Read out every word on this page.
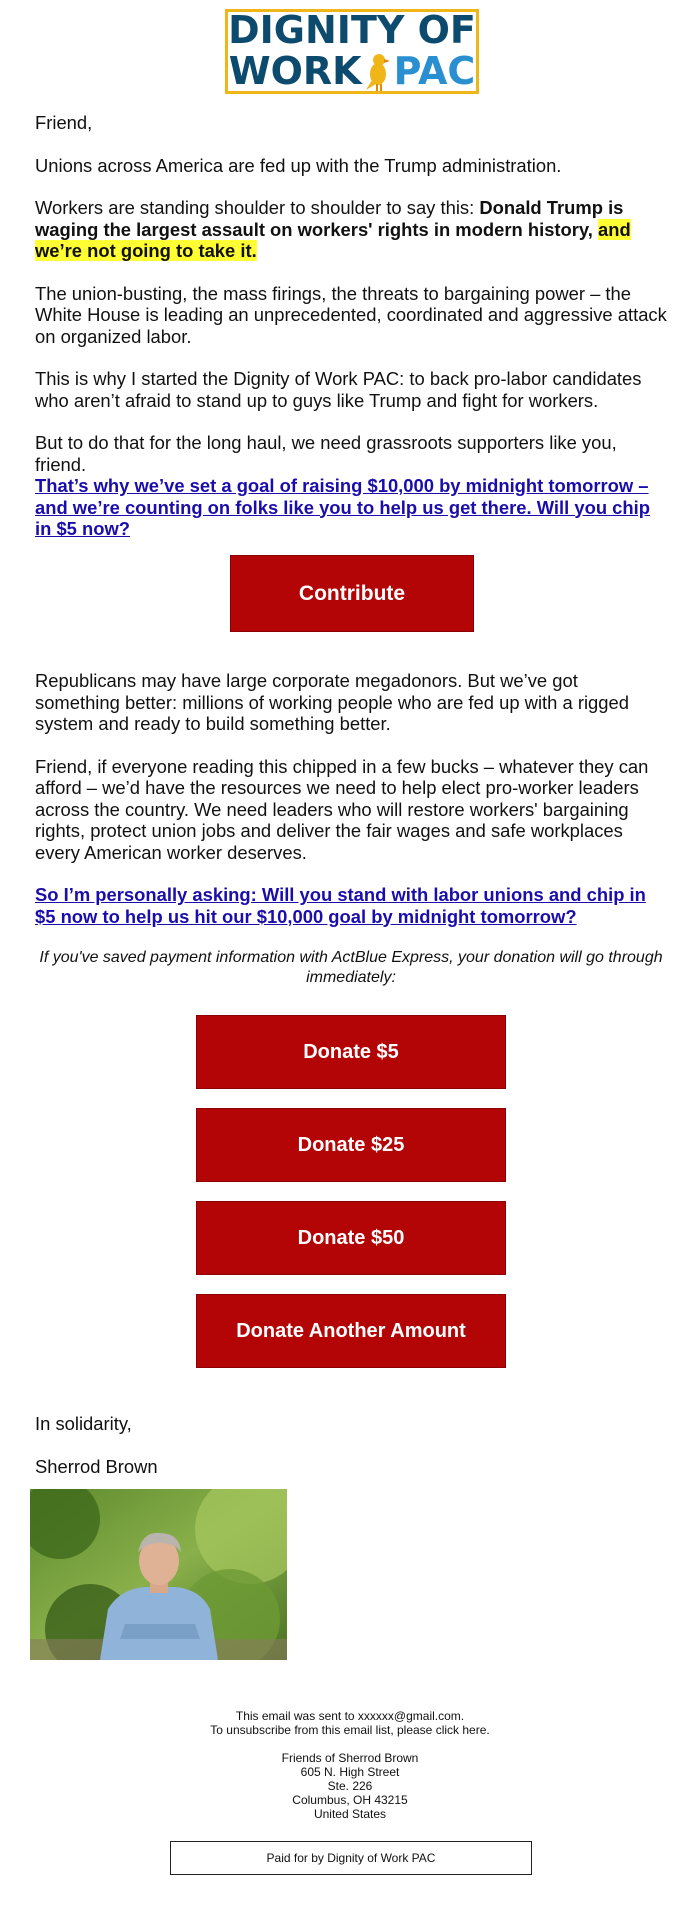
DIGNITY OF
WORK PAC

Friend,

Unions across America are fed up with the Trump administration.

Workers are standing shoulder to shoulder to say this: Donald Trump is waging the largest assault on workers' rights in modern history, and we’re not going to take it.

The union-busting, the mass firings, the threats to bargaining power – the White House is leading an unprecedented, coordinated and aggressive attack on organized labor.

This is why I started the Dignity of Work PAC: to back pro-labor candidates who aren’t afraid to stand up to guys like Trump and fight for workers.

But to do that for the long haul, we need grassroots supporters like you, friend.
That’s why we’ve set a goal of raising $10,000 by midnight tomorrow – and we’re counting on folks like you to help us get there. Will you chip in $5 now?

Contribute

Republicans may have large corporate megadonors. But we’ve got something better: millions of working people who are fed up with a rigged system and ready to build something better.

Friend, if everyone reading this chipped in a few bucks – whatever they can afford – we’d have the resources we need to help elect pro-worker leaders across the country. We need leaders who will restore workers' bargaining rights, protect union jobs and deliver the fair wages and safe workplaces every American worker deserves.

So I’m personally asking: Will you stand with labor unions and chip in $5 now to help us hit our $10,000 goal by midnight tomorrow?

If you've saved payment information with ActBlue Express, your donation will go through immediately:
Donate $5
Donate $25
Donate $50
Donate Another Amount
In solidarity,
Sherrod Brown
This email was sent to xxxxxx@gmail.com.
To unsubscribe from this email list, please click here.
Friends of Sherrod Brown
605 N. High Street
Ste. 226
Columbus, OH 43215
United States
Paid for by Dignity of Work PAC
